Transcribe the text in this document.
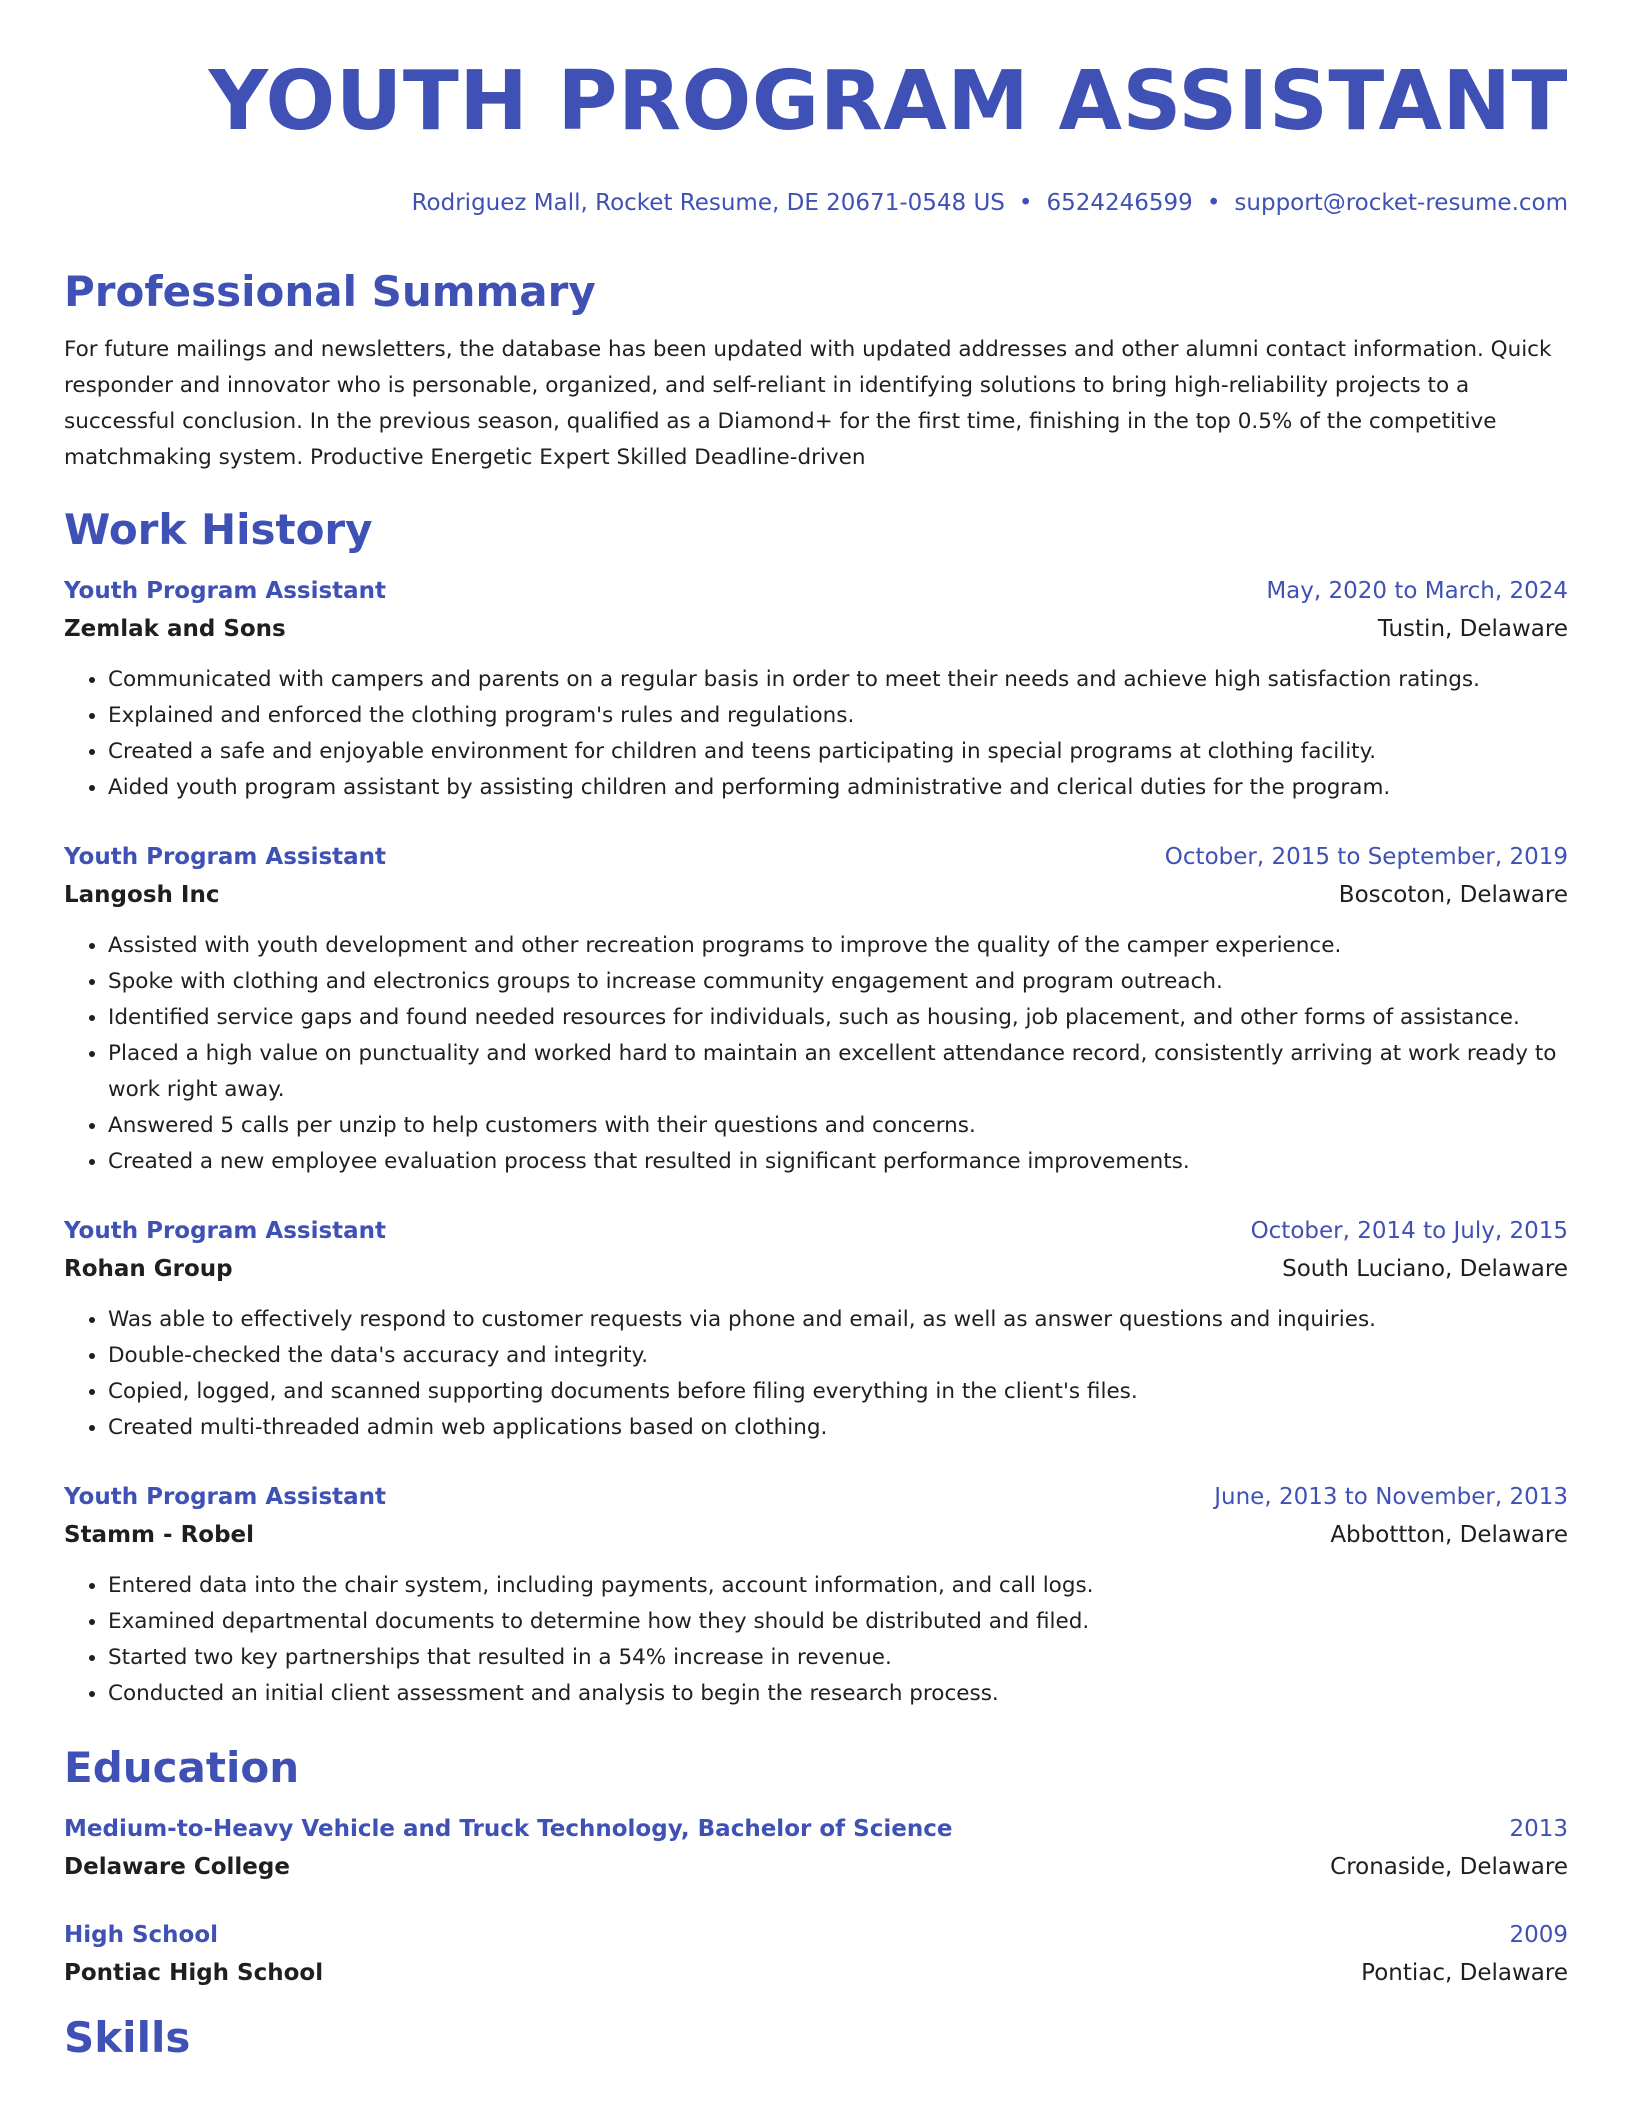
YOUTH PROGRAM ASSISTANT
Rodriguez Mall, Rocket Resume, DE 20671-0548 US • 6524246599 • support@rocket-resume.com
Professional Summary

For future mailings and newsletters, the database has been updated with updated addresses and other alumni contact information. Quick responder and innovator who is personable, organized, and self-reliant in identifying solutions to bring high-reliability projects to a successful conclusion. In the previous season, qualified as a Diamond+ for the first time, finishing in the top 0.5% of the competitive matchmaking system. Productive Energetic Expert Skilled Deadline-driven

Work History
Youth Program Assistant	May, 2020 to March, 2024
Zemlak and Sons	Tustin, Delaware
• Communicated with campers and parents on a regular basis in order to meet their needs and achieve high satisfaction ratings.
• Explained and enforced the clothing program's rules and regulations.
• Created a safe and enjoyable environment for children and teens participating in special programs at clothing facility.
• Aided youth program assistant by assisting children and performing administrative and clerical duties for the program.
Youth Program Assistant	October, 2015 to September, 2019
Langosh Inc	Boscoton, Delaware
• Assisted with youth development and other recreation programs to improve the quality of the camper experience.
• Spoke with clothing and electronics groups to increase community engagement and program outreach.
• Identified service gaps and found needed resources for individuals, such as housing, job placement, and other forms of assistance.
• Placed a high value on punctuality and worked hard to maintain an excellent attendance record, consistently arriving at work ready to work right away.
• Answered 5 calls per unzip to help customers with their questions and concerns.
• Created a new employee evaluation process that resulted in significant performance improvements.
Youth Program Assistant	October, 2014 to July, 2015
Rohan Group	South Luciano, Delaware
• Was able to effectively respond to customer requests via phone and email, as well as answer questions and inquiries.
• Double-checked the data's accuracy and integrity.
• Copied, logged, and scanned supporting documents before filing everything in the client's files.
• Created multi-threaded admin web applications based on clothing.
Youth Program Assistant	June, 2013 to November, 2013
Stamm - Robel	Abbottton, Delaware
• Entered data into the chair system, including payments, account information, and call logs.
• Examined departmental documents to determine how they should be distributed and filed.
• Started two key partnerships that resulted in a 54% increase in revenue.
• Conducted an initial client assessment and analysis to begin the research process.
Education
Medium-to-Heavy Vehicle and Truck Technology, Bachelor of Science	2013
Delaware College	Cronaside, Delaware
High School	2009
Pontiac High School	Pontiac, Delaware
Skills
